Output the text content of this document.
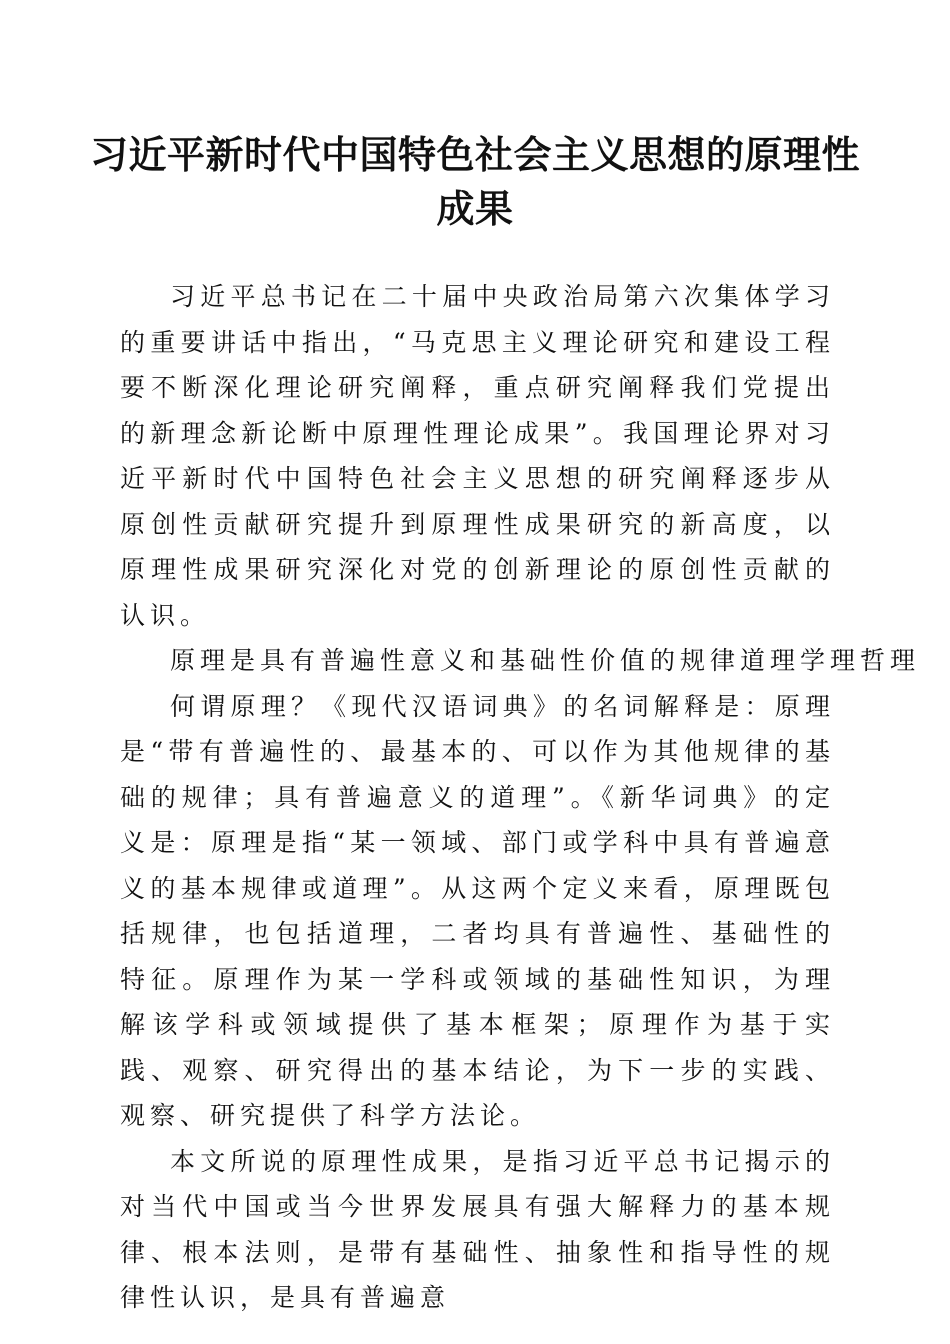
习近平新时代中国特色社会主义思想的原理性成果

习近平总书记在二十届中央政治局第六次集体学习的重要讲话中指出，“马克思主义理论研究和建设工程要不断深化理论研究阐释，重点研究阐释我们党提出的新理念新论断中原理性理论成果”。我国理论界对习近平新时代中国特色社会主义思想的研究阐释逐步从原创性贡献研究提升到原理性成果研究的新高度，以原理性成果研究深化对党的创新理论的原创性贡献的认识。

原理是具有普遍性意义和基础性价值的规律道理学理哲理

何谓原理？《现代汉语词典》的名词解释是：原理是“带有普遍性的、最基本的、可以作为其他规律的基础的规律；具有普遍意义的道理”。《新华词典》的定义是：原理是指“某一领域、部门或学科中具有普遍意义的基本规律或道理”。从这两个定义来看，原理既包括规律，也包括道理，二者均具有普遍性、基础性的特征。原理作为某一学科或领域的基础性知识，为理解该学科或领域提供了基本框架；原理作为基于实践、观察、研究得出的基本结论，为下一步的实践、观察、研究提供了科学方法论。

本文所说的原理性成果，是指习近平总书记揭示的对当代中国或当今世界发展具有强大解释力的基本规律、根本法则，是带有基础性、抽象性和指导性的规律性认识，是具有普遍意
